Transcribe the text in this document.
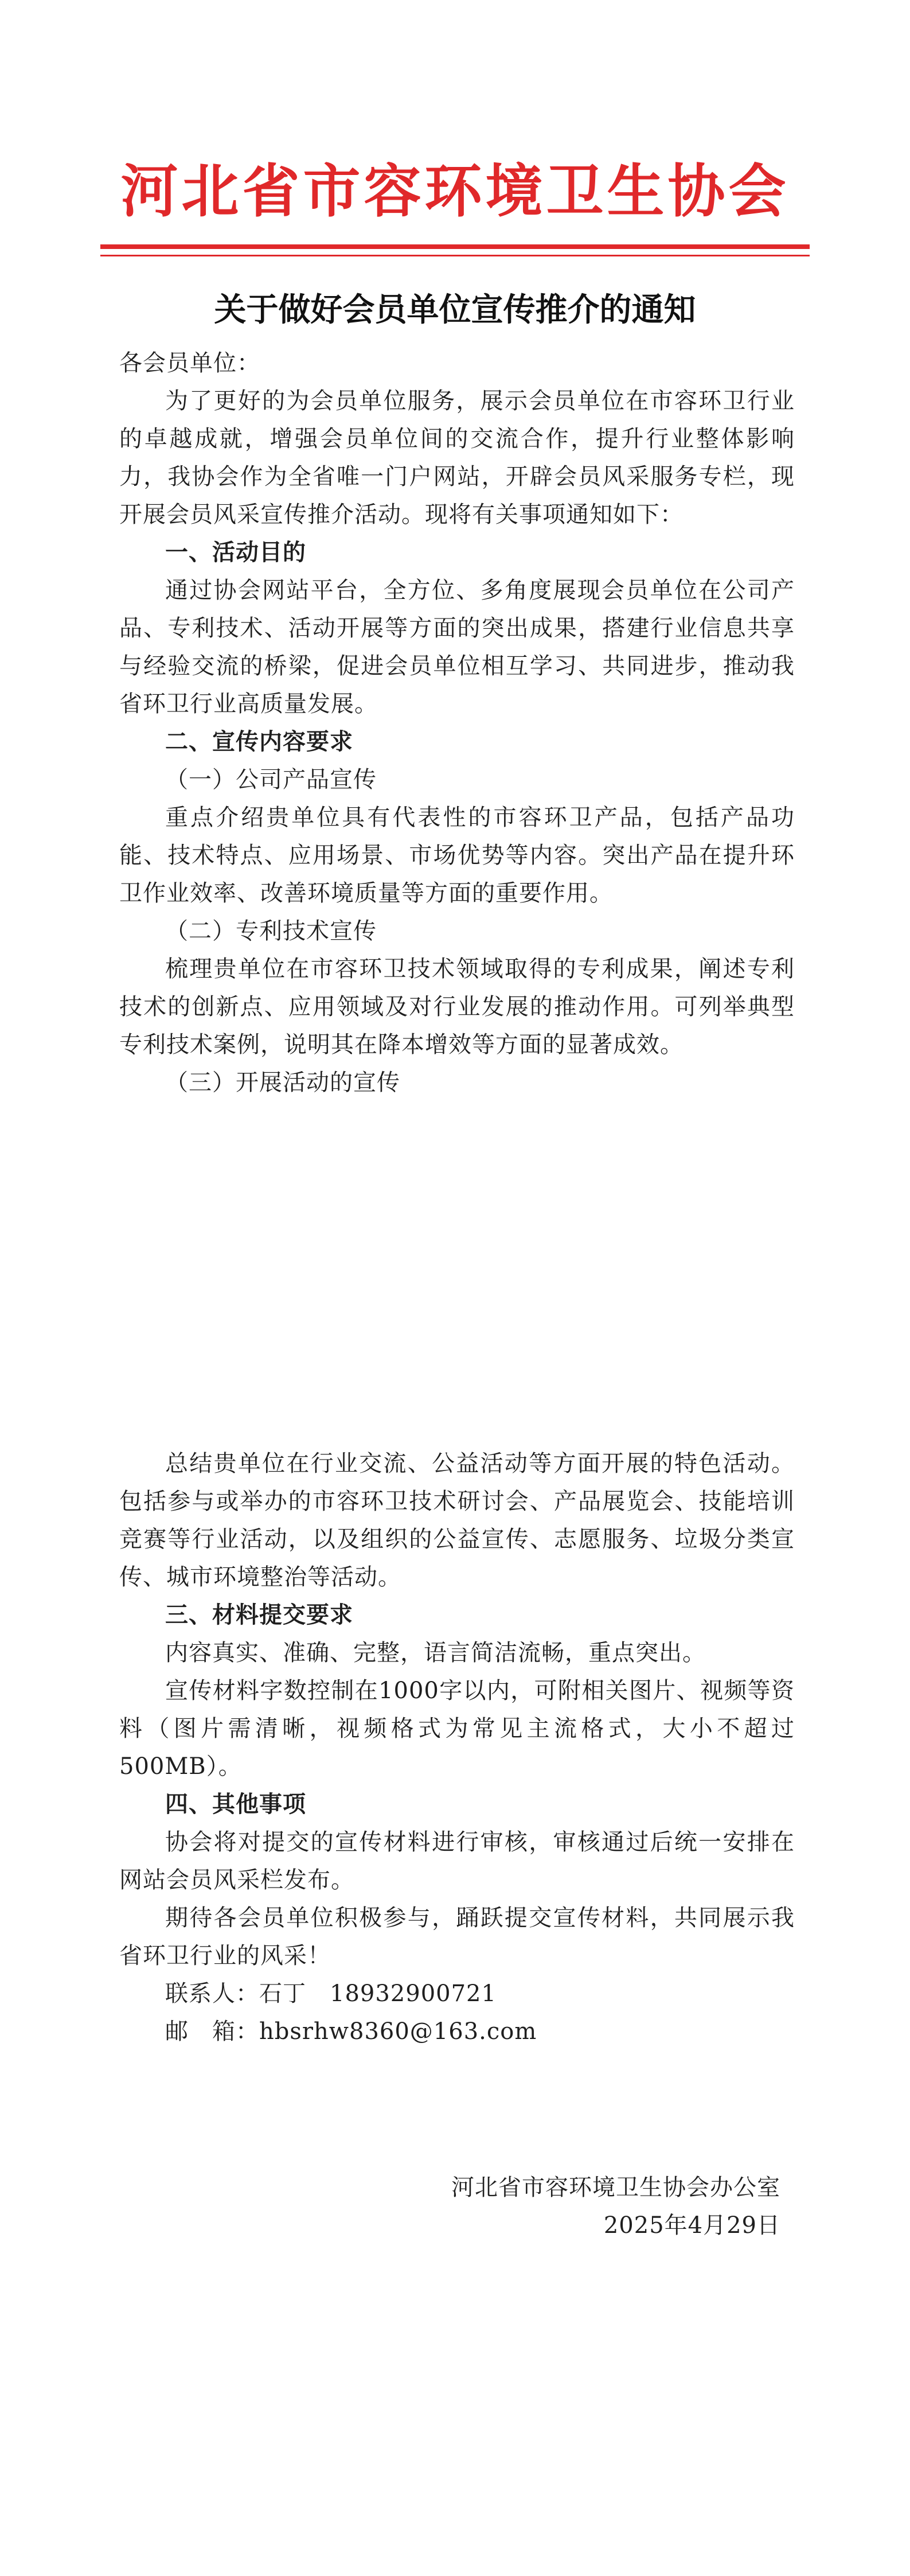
河北省市容环境卫生协会
关于做好会员单位宣传推介的通知

各会员单位：

为了更好的为会员单位服务，展示会员单位在市容环卫行业的卓越成就，增强会员单位间的交流合作，提升行业整体影响力，我协会作为全省唯一门户网站，开辟会员风采服务专栏，现开展会员风采宣传推介活动。现将有关事项通知如下：

一、活动目的

通过协会网站平台，全方位、多角度展现会员单位在公司产品、专利技术、活动开展等方面的突出成果，搭建行业信息共享与经验交流的桥梁，促进会员单位相互学习、共同进步，推动我省环卫行业高质量发展。

二、宣传内容要求

（一）公司产品宣传

重点介绍贵单位具有代表性的市容环卫产品，包括产品功能、技术特点、应用场景、市场优势等内容。突出产品在提升环卫作业效率、改善环境质量等方面的重要作用。

（二）专利技术宣传

梳理贵单位在市容环卫技术领域取得的专利成果，阐述专利技术的创新点、应用领域及对行业发展的推动作用。可列举典型专利技术案例，说明其在降本增效等方面的显著成效。

（三）开展活动的宣传

总结贵单位在行业交流、公益活动等方面开展的特色活动。包括参与或举办的市容环卫技术研讨会、产品展览会、技能培训竞赛等行业活动，以及组织的公益宣传、志愿服务、垃圾分类宣传、城市环境整治等活动。

三、材料提交要求

内容真实、准确、完整，语言简洁流畅，重点突出。

宣传材料字数控制在1000字以内，可附相关图片、视频等资料（图片需清晰，视频格式为常见主流格式，大小不超过500MB）。

四、其他事项

协会将对提交的宣传材料进行审核，审核通过后统一安排在网站会员风采栏发布。

期待各会员单位积极参与，踊跃提交宣传材料，共同展示我省环卫行业的风采！

联系人：石丁　18932900721

邮　箱：hbsrhw8360@163.com

河北省市容环境卫生协会办公室

2025年4月29日
